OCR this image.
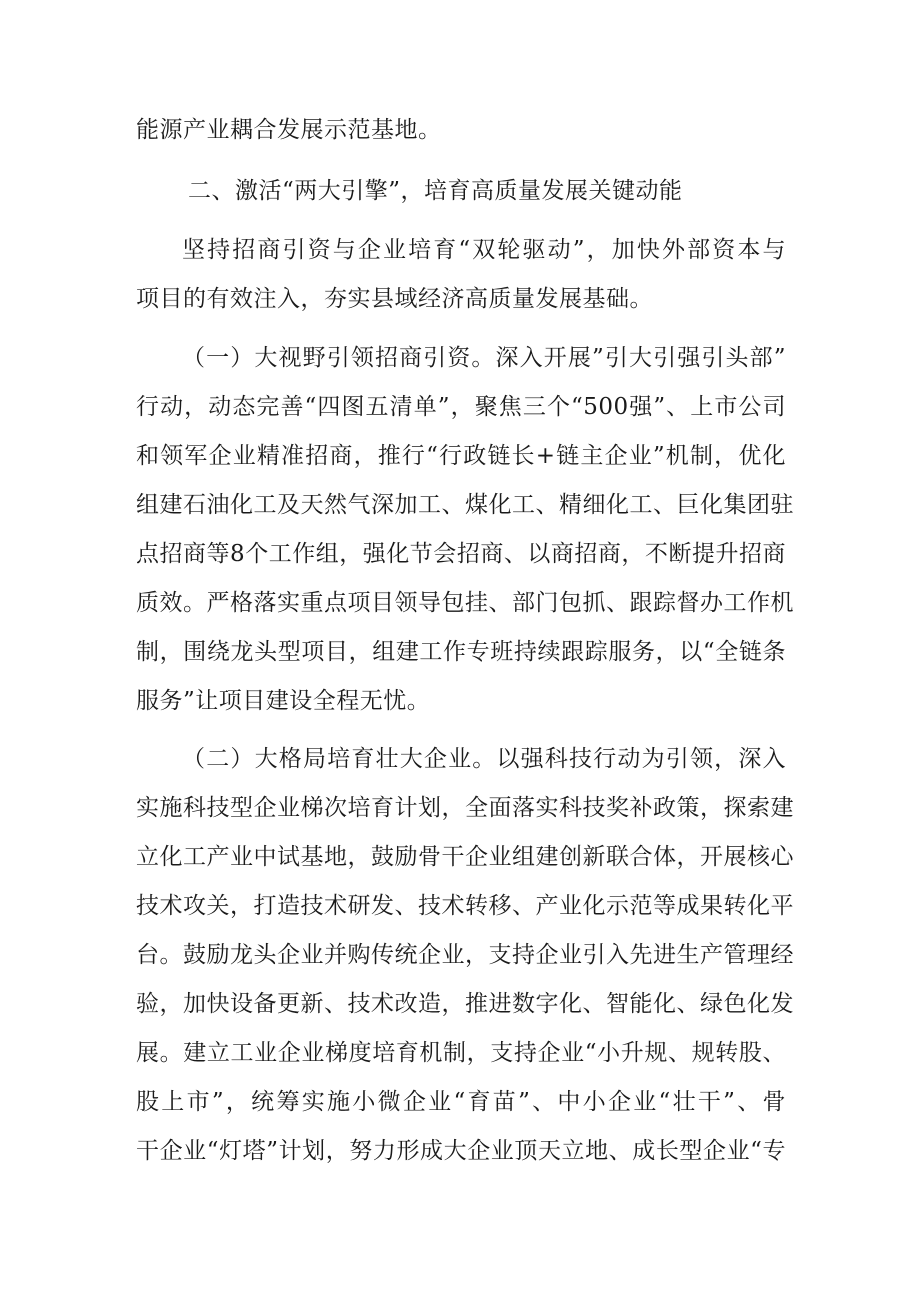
能源产业耦合发展示范基地。
二、激活“两大引擎”，培育高质量发展关键动能
坚持招商引资与企业培育“双轮驱动”，加快外部资本与
项目的有效注入，夯实县域经济高质量发展基础。
（一）大视野引领招商引资。深入开展”引大引强引头部”
行动，动态完善“四图五清单”，聚焦三个“500强”、上市公司
和领军企业精准招商，推行“行政链长+链主企业”机制，优化
组建石油化工及天然气深加工、煤化工、精细化工、巨化集团驻
点招商等8个工作组，强化节会招商、以商招商，不断提升招商
质效。严格落实重点项目领导包挂、部门包抓、跟踪督办工作机
制，围绕龙头型项目，组建工作专班持续跟踪服务，以“全链条
服务”让项目建设全程无忧。
（二）大格局培育壮大企业。以强科技行动为引领，深入
实施科技型企业梯次培育计划，全面落实科技奖补政策，探索建
立化工产业中试基地，鼓励骨干企业组建创新联合体，开展核心
技术攻关，打造技术研发、技术转移、产业化示范等成果转化平
台。鼓励龙头企业并购传统企业，支持企业引入先进生产管理经
验，加快设备更新、技术改造，推进数字化、智能化、绿色化发
展。建立工业企业梯度培育机制，支持企业“小升规、规转股、
股上市”，统筹实施小微企业“育苗”、中小企业“壮干”、骨
干企业“灯塔”计划，努力形成大企业顶天立地、成长型企业“专
